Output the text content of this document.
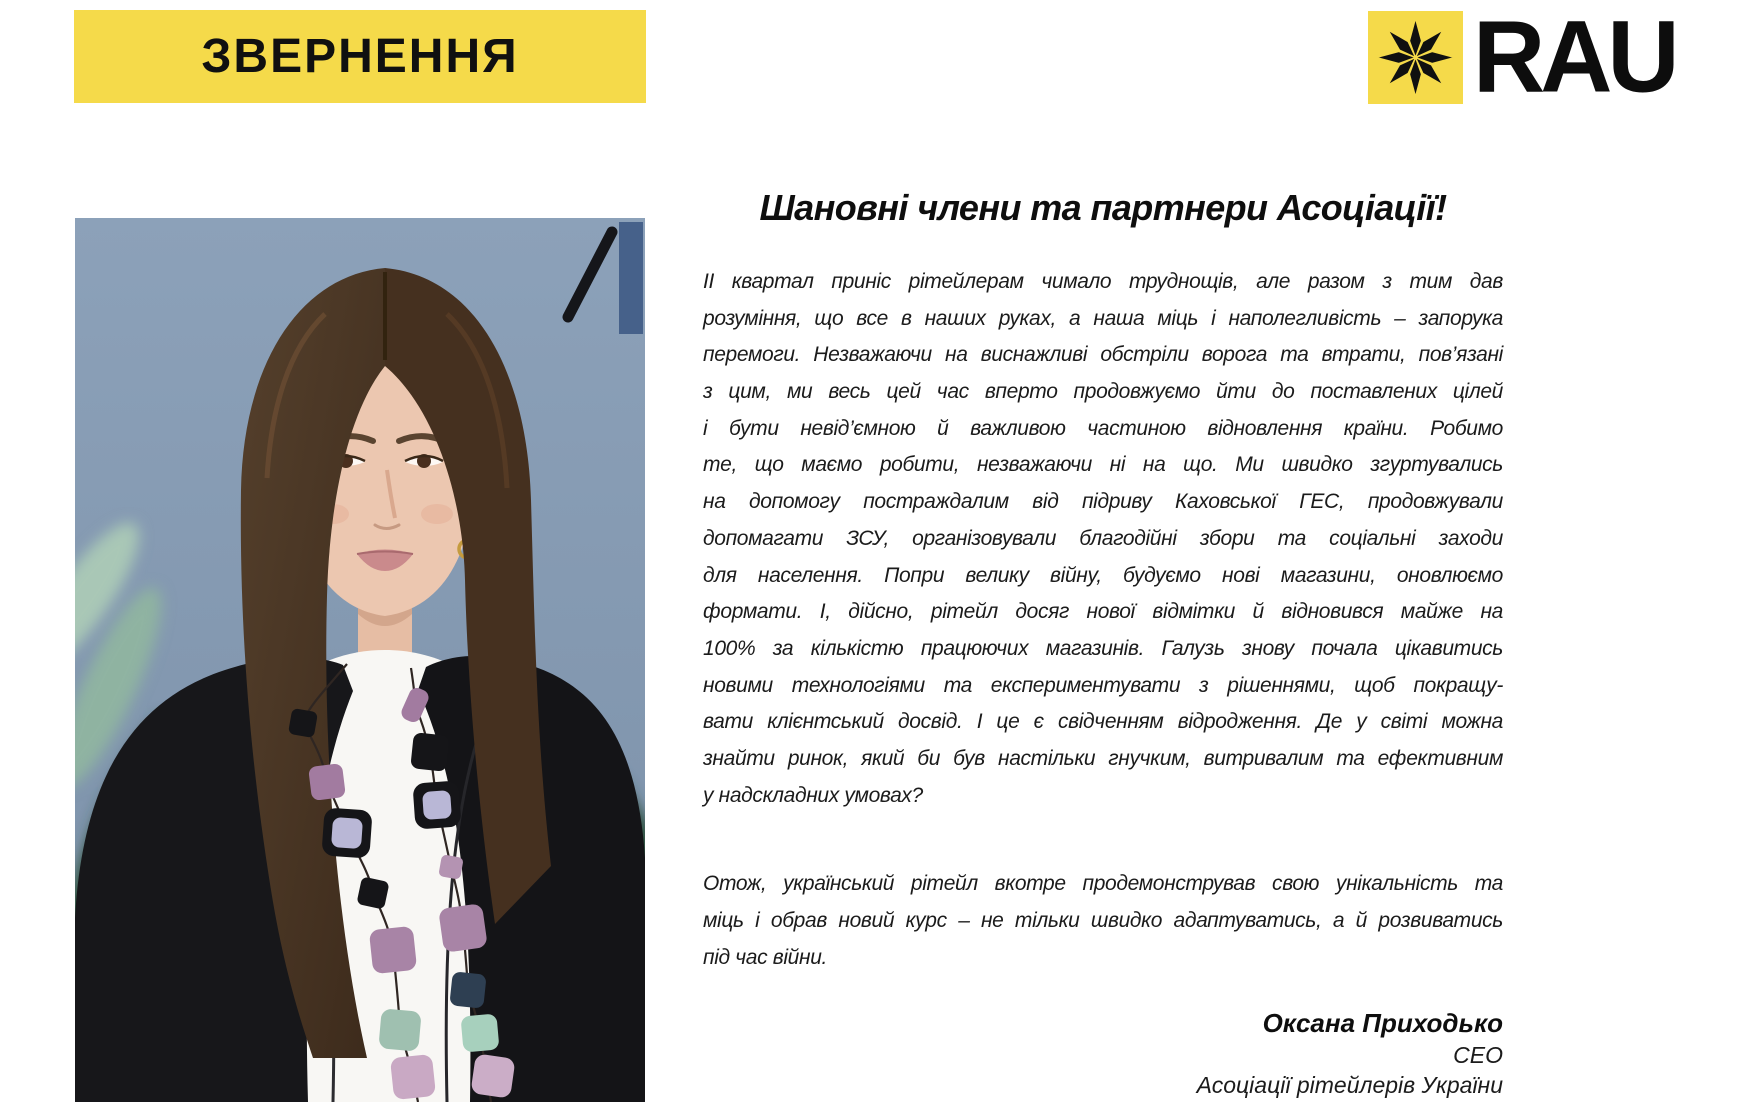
ЗВЕРНЕННЯ	RAU
Шановні члени та партнери Асоціації!
ІІ квартал приніс рітейлерам чимало труднощів, але разом з тим дав
розуміння, що все в наших руках, а наша міць і наполегливість – запорука
перемоги. Незважаючи на виснажливі обстріли ворога та втрати, пов’язані
з цим, ми весь цей час вперто продовжуємо йти до поставлених цілей
і бути невід’ємною й важливою частиною відновлення країни. Робимо
те, що маємо робити, незважаючи ні на що. Ми швидко згуртувались
на допомогу постраждалим від підриву Каховської ГЕС, продовжували
допомагати ЗСУ, організовували благодійні збори та соціальні заходи
для населення. Попри велику війну, будуємо нові магазини, оновлюємо
формати. І, дійсно, рітейл досяг нової відмітки й відновився майже на
100% за кількістю працюючих магазинів. Галузь знову почала цікавитись
новими технологіями та експериментувати з рішеннями, щоб покращу-
вати клієнтський досвід. І це є свідченням відродження. Де у світі можна
знайти ринок, який би був настільки гнучким, витривалим та ефективним
у надскладних умовах?
Отож, український рітейл вкотре продемонстрував свою унікальність та
міць і обрав новий курс – не тільки швидко адаптуватись, а й розвиватись
під час війни.
Оксана Приходько
CEO
Асоціації рітейлерів України
